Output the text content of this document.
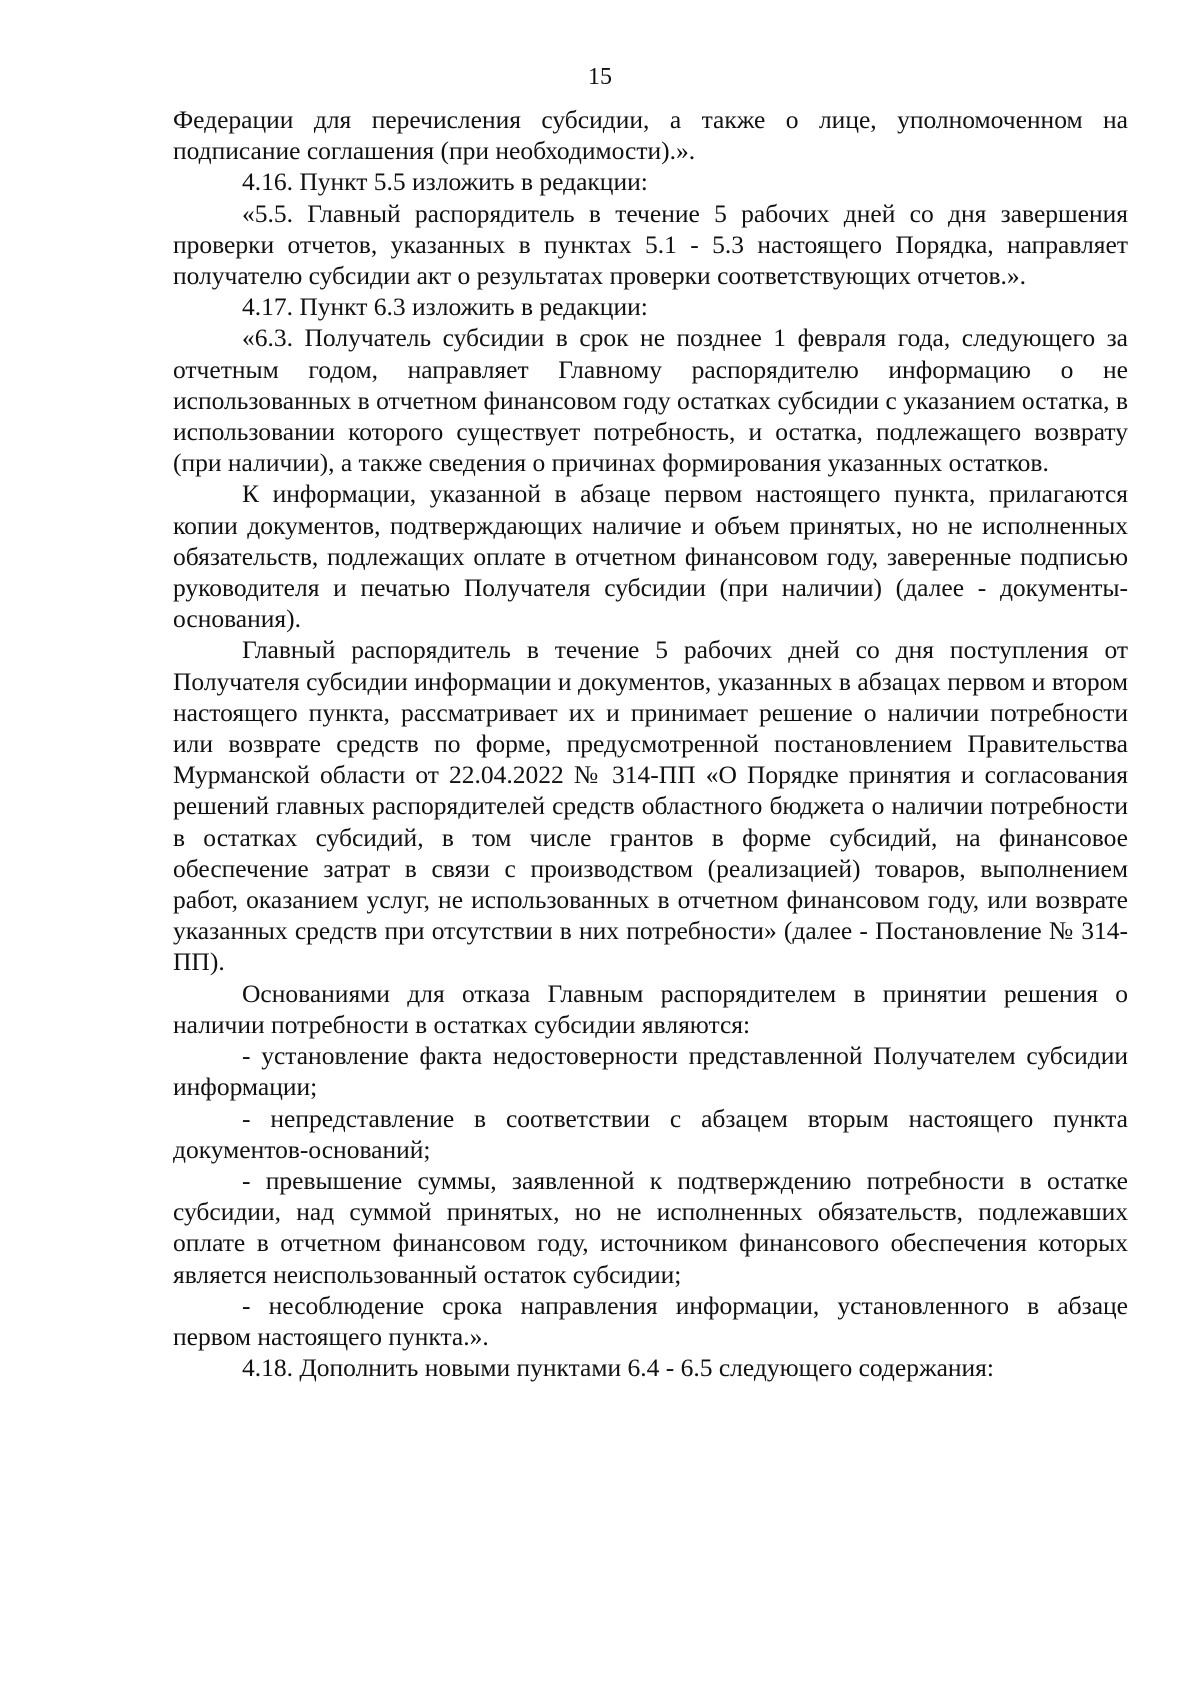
15

Федерации для перечисления субсидии, а также о лице, уполномоченном на подписание соглашения (при необходимости).».

4.16. Пункт 5.5 изложить в редакции:

«5.5. Главный распорядитель в течение 5 рабочих дней со дня завершения проверки отчетов, указанных в пунктах 5.1 - 5.3 настоящего Порядка, направляет получателю субсидии акт о результатах проверки соответствующих отчетов.».

4.17. Пункт 6.3 изложить в редакции:

«6.3. Получатель субсидии в срок не позднее 1 февраля года, следующего за отчетным годом, направляет Главному распорядителю информацию о не использованных в отчетном финансовом году остатках субсидии с указанием остатка, в использовании которого существует потребность, и остатка, подлежащего возврату (при наличии), а также сведения о причинах формирования указанных остатков.

К информации, указанной в абзаце первом настоящего пункта, прилагаются копии документов, подтверждающих наличие и объем принятых, но не исполненных обязательств, подлежащих оплате в отчетном финансовом году, заверенные подписью руководителя и печатью Получателя субсидии (при наличии) (далее - документы-основания).

Главный распорядитель в течение 5 рабочих дней со дня поступления от Получателя субсидии информации и документов, указанных в абзацах первом и втором настоящего пункта, рассматривает их и принимает решение о наличии потребности или возврате средств по форме, предусмотренной постановлением Правительства Мурманской области от 22.04.2022 № 314-ПП «О Порядке принятия и согласования решений главных распорядителей средств областного бюджета о наличии потребности в остатках субсидий, в том числе грантов в форме субсидий, на финансовое обеспечение затрат в связи с производством (реализацией) товаров, выполнением работ, оказанием услуг, не использованных в отчетном финансовом году, или возврате указанных средств при отсутствии в них потребности» (далее - Постановление № 314-ПП).

Основаниями для отказа Главным распорядителем в принятии решения о наличии потребности в остатках субсидии являются:

- установление факта недостоверности представленной Получателем субсидии информации;

- непредставление в соответствии с абзацем вторым настоящего пункта документов-оснований;

- превышение суммы, заявленной к подтверждению потребности в остатке субсидии, над суммой принятых, но не исполненных обязательств, подлежавших оплате в отчетном финансовом году, источником финансового обеспечения которых является неиспользованный остаток субсидии;

- несоблюдение срока направления информации, установленного в абзаце первом настоящего пункта.».

4.18. Дополнить новыми пунктами 6.4 - 6.5 следующего содержания:
